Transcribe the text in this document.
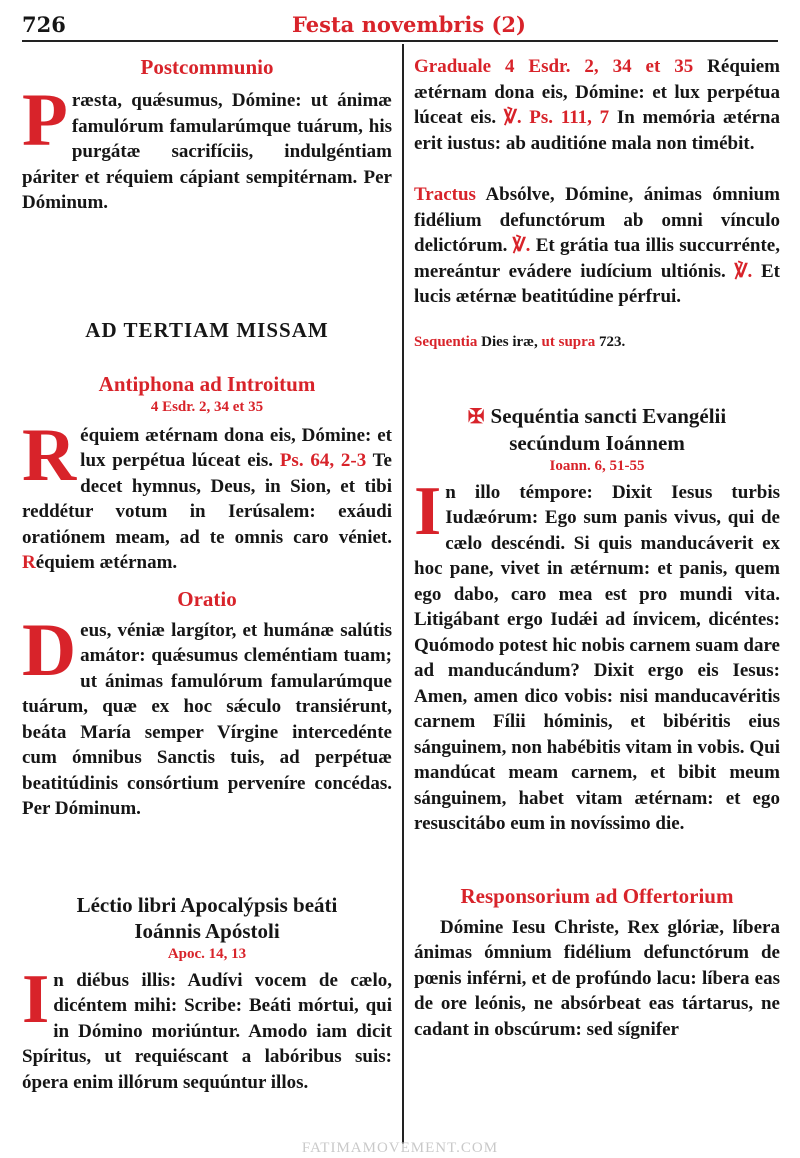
726	Festa novembris (2)
Postcommunio
Præsta, quǽsumus, Dómine: ut ánimæ famulórum famularúmque tuárum, his purgátæ sacrifíciis, indulgéntiam páriter et réquiem cápiant sempitérnam. Per Dóminum.
AD TERTIAM MISSAM
Antiphona ad Introitum
4 Esdr. 2, 34 et 35
Réquiem ætérnam dona eis, Dómine: et lux perpétua lúceat eis. Ps. 64, 2-3 Te decet hymnus, Deus, in Sion, et tibi reddétur votum in Ierúsalem: exáudi oratiónem meam, ad te omnis caro véniet. Réquiem ætérnam.
Oratio
Deus, véniæ largítor, et humánæ salútis amátor: quǽsumus cleméntiam tuam; ut ánimas famulórum famularúmque tuárum, quæ ex hoc sǽculo transiérunt, beáta María semper Vírgine intercedénte cum ómnibus Sanctis tuis, ad perpétuæ beatitúdinis consórtium perveníre concédas. Per Dóminum.
Léctio libri Apocalýpsis beáti
Ioánnis Apóstoli
Apoc. 14, 13
In diébus illis: Audívi vocem de cælo, dicéntem mihi: Scribe: Beáti mórtui, qui in Dómino moriúntur. Amodo iam dicit Spíritus, ut requiéscant a labóribus suis: ópera enim illórum sequúntur illos.
Graduale 4 Esdr. 2, 34 et 35 Réquiem ætérnam dona eis, Dómine: et lux perpétua lúceat eis. ℣. Ps. 111, 7 In memória ætérna erit iustus: ab auditióne mala non timébit.
Tractus Absólve, Dómine, ánimas ómnium fidélium defunctórum ab omni vínculo delictórum. ℣. Et grátia tua illis succurrénte, mereántur evádere iudícium ultiónis. ℣. Et lucis ætérnæ beatitúdine pérfrui.
Sequentia Dies iræ, ut supra 723.
✠ Sequéntia sancti Evangélii
secúndum Ioánnem
Ioann. 6, 51-55
In illo témpore: Dixit Iesus turbis Iudæórum: Ego sum panis vivus, qui de cælo descéndi. Si quis manducáverit ex hoc pane, vivet in ætérnum: et panis, quem ego dabo, caro mea est pro mundi vita. Litigábant ergo Iudǽi ad ínvicem, dicéntes: Quómodo potest hic nobis carnem suam dare ad manducándum? Dixit ergo eis Iesus: Amen, amen dico vobis: nisi manducavéritis carnem Fílii hóminis, et bibéritis eius sánguinem, non habébitis vitam in vobis. Qui mandúcat meam carnem, et bibit meum sánguinem, habet vitam ætérnam: et ego resuscitábo eum in novíssimo die.
Responsorium ad Offertorium
Dómine Iesu Christe, Rex glóriæ, líbera ánimas ómnium fidélium defunctórum de pœnis inférni, et de profúndo lacu: líbera eas de ore leónis, ne absórbeat eas tártarus, ne cadant in obscúrum: sed sígnifer
FATIMAMOVEMENT.COM
